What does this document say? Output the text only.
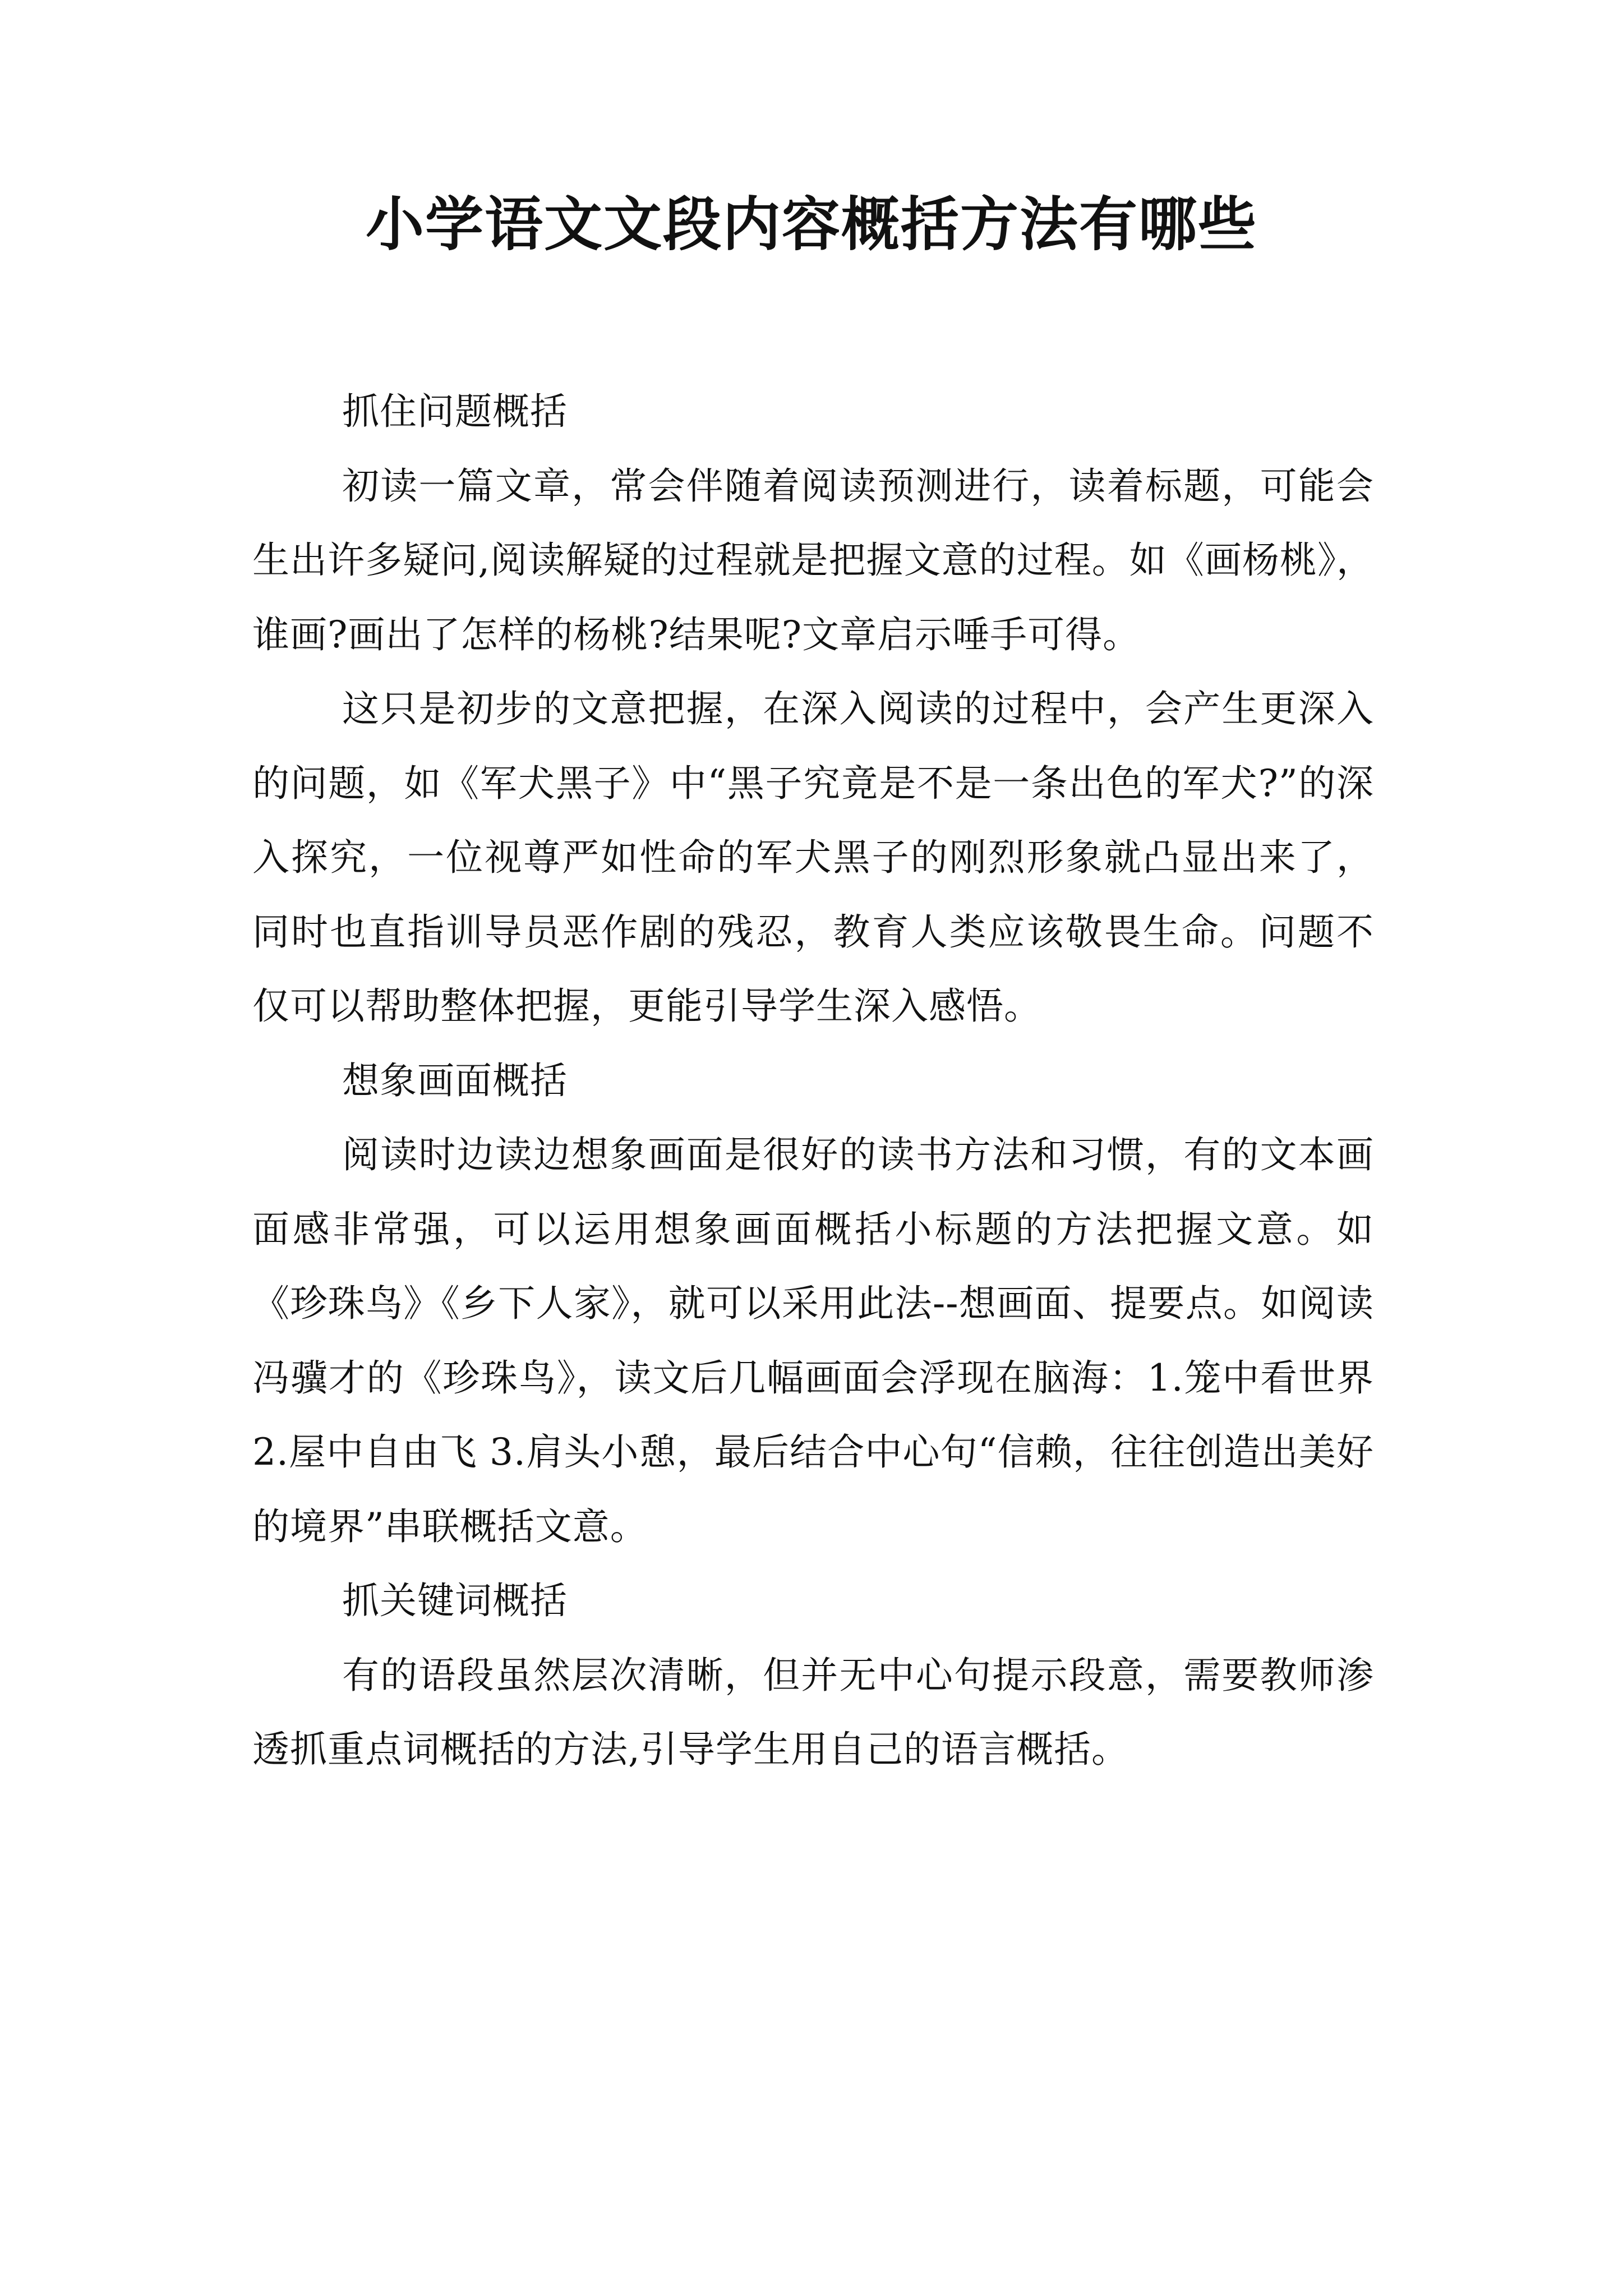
小学语文文段内容概括方法有哪些

抓住问题概括

初读一篇文章，常会伴随着阅读预测进行，读着标题，可能会生出许多疑问,阅读解疑的过程就是把握文意的过程。如《画杨桃》，谁画?画出了怎样的杨桃?结果呢?文章启示唾手可得。

这只是初步的文意把握，在深入阅读的过程中，会产生更深入的问题，如《军犬黑子》中“黑子究竟是不是一条出色的军犬?”的深入探究，一位视尊严如性命的军犬黑子的刚烈形象就凸显出来了，同时也直指训导员恶作剧的残忍，教育人类应该敬畏生命。问题不仅可以帮助整体把握，更能引导学生深入感悟。

想象画面概括

阅读时边读边想象画面是很好的读书方法和习惯，有的文本画面感非常强，可以运用想象画面概括小标题的方法把握文意。如《珍珠鸟》《乡下人家》，就可以采用此法--想画面、提要点。如阅读冯骥才的《珍珠鸟》，读文后几幅画面会浮现在脑海：1.笼中看世界 2.屋中自由飞 3.肩头小憩，最后结合中心句“信赖，往往创造出美好的境界”串联概括文意。

抓关键词概括

有的语段虽然层次清晰，但并无中心句提示段意，需要教师渗透抓重点词概括的方法,引导学生用自己的语言概括。
